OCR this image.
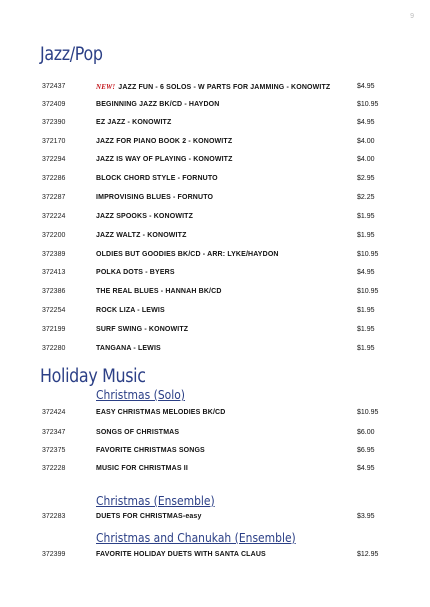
9
Jazz/Pop
372437	NEW! JAZZ FUN - 6 SOLOS - W PARTS FOR JAMMING - KONOWITZ	$4.95
372409	BEGINNING JAZZ BK/CD - HAYDON	$10.95
372390	EZ JAZZ - KONOWITZ	$4.95
372170	JAZZ FOR PIANO BOOK 2 - KONOWITZ	$4.00
372294	JAZZ IS WAY OF PLAYING - KONOWITZ	$4.00
372286	BLOCK CHORD STYLE - FORNUTO	$2.95
372287	IMPROVISING BLUES - FORNUTO	$2.25
372224	JAZZ SPOOKS - KONOWITZ	$1.95
372200	JAZZ WALTZ - KONOWITZ	$1.95
372389	OLDIES BUT GOODIES BK/CD - ARR: LYKE/HAYDON	$10.95
372413	POLKA DOTS - BYERS	$4.95
372386	THE REAL BLUES - HANNAH BK/CD	$10.95
372254	ROCK LIZA - LEWIS	$1.95
372199	SURF SWING - KONOWITZ	$1.95
372280	TANGANA - LEWIS	$1.95
Holiday Music
Christmas (Solo)
372424	EASY CHRISTMAS MELODIES BK/CD	$10.95
372347	SONGS OF CHRISTMAS	$6.00
372375	FAVORITE CHRISTMAS SONGS	$6.95
372228	MUSIC FOR CHRISTMAS II	$4.95
Christmas (Ensemble)
372283	DUETS FOR CHRISTMAS-easy	$3.95
Christmas and Chanukah (Ensemble)
372399	FAVORITE HOLIDAY DUETS WITH SANTA CLAUS	$12.95
